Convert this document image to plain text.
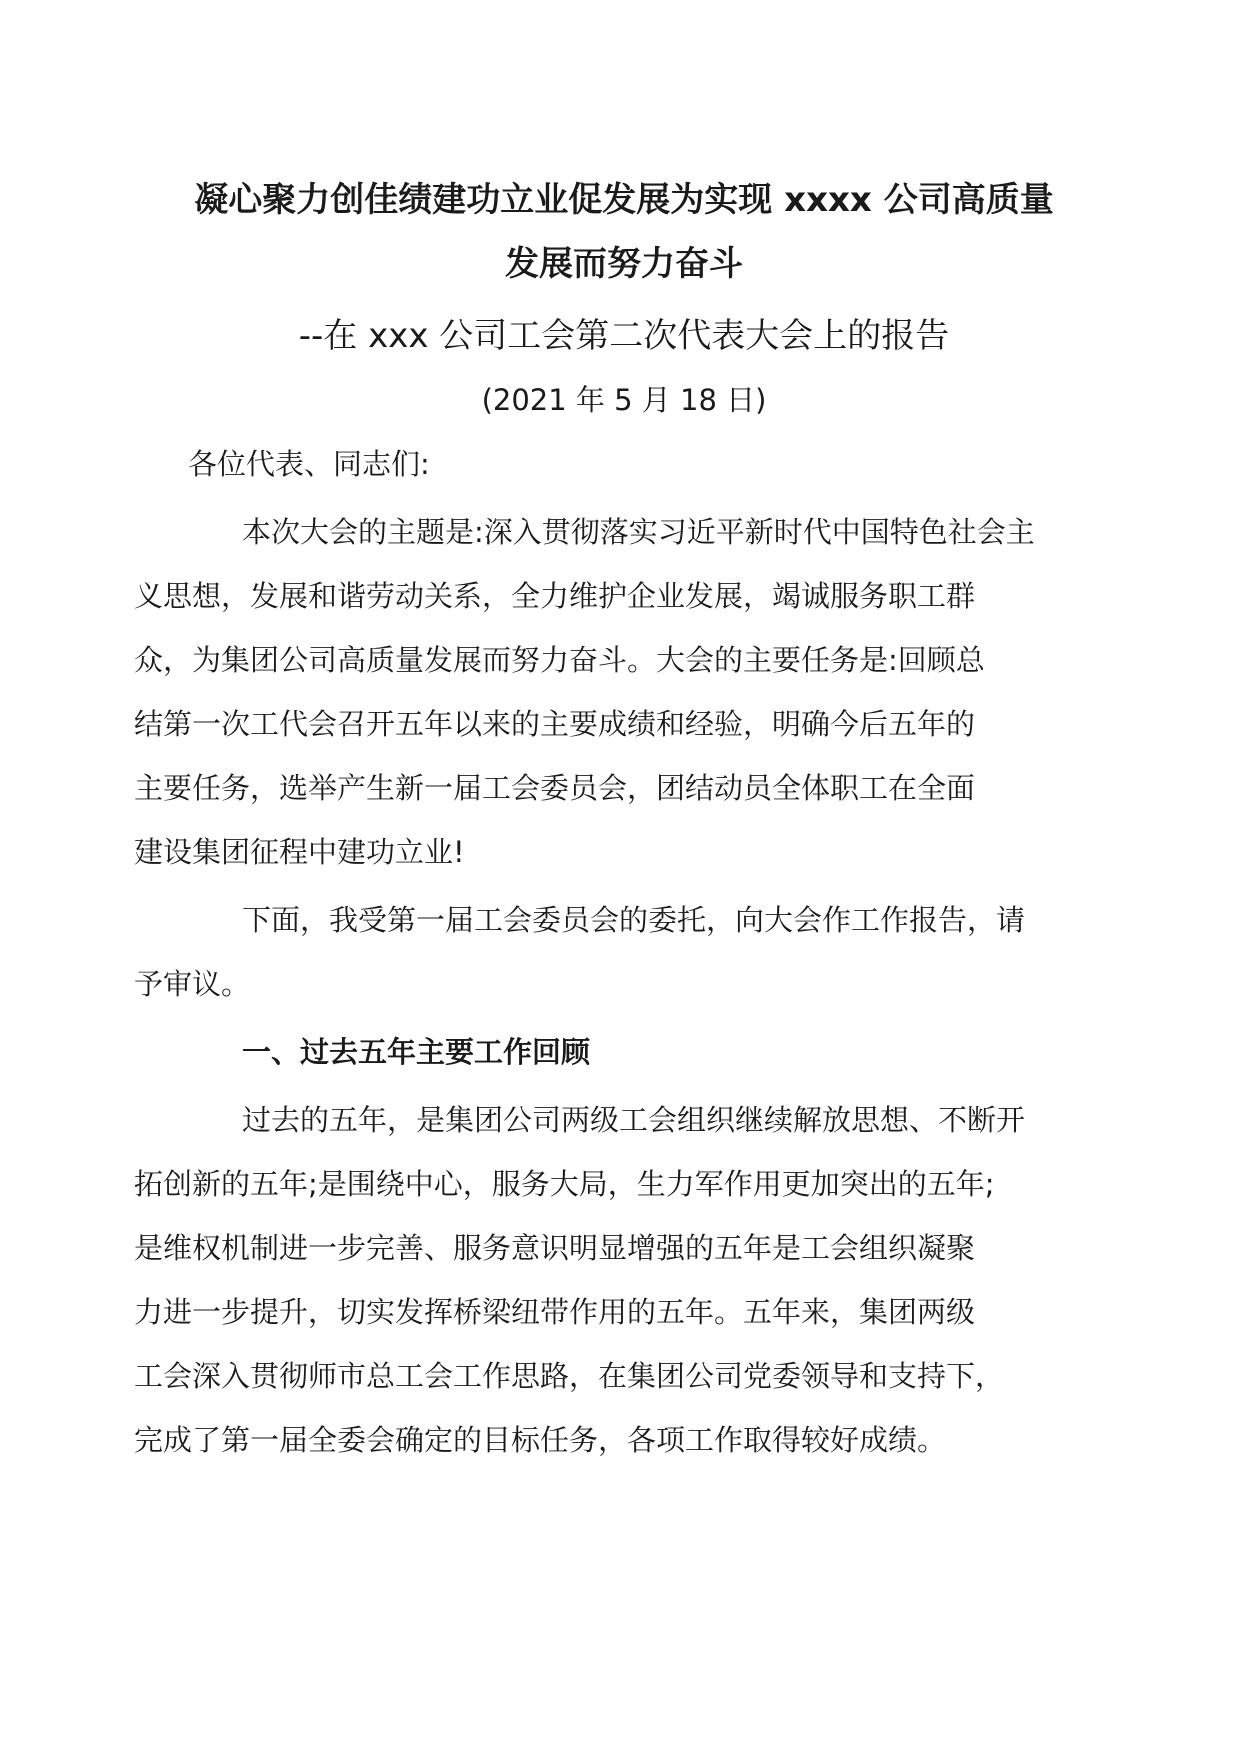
凝心聚力创佳绩建功立业促发展为实现 xxxx 公司高质量
发展而努力奋斗
--在 xxx 公司工会第二次代表大会上的报告

(2021 年 5 月 18 日)

各位代表、同志们:

本次大会的主题是:深入贯彻落实习近平新时代中国特色社会主
义思想，发展和谐劳动关系，全力维护企业发展，竭诚服务职工群
众，为集团公司高质量发展而努力奋斗。大会的主要任务是:回顾总
结第一次工代会召开五年以来的主要成绩和经验，明确今后五年的
主要任务，选举产生新一届工会委员会，团结动员全体职工在全面
建设集团征程中建功立业!

下面，我受第一届工会委员会的委托，向大会作工作报告，请
予审议。

一、过去五年主要工作回顾

过去的五年，是集团公司两级工会组织继续解放思想、不断开
拓创新的五年;是围绕中心，服务大局，生力军作用更加突出的五年;
是维权机制进一步完善、服务意识明显增强的五年是工会组织凝聚
力进一步提升，切实发挥桥梁纽带作用的五年。五年来，集团两级
工会深入贯彻师市总工会工作思路，在集团公司党委领导和支持下，
完成了第一届全委会确定的目标任务，各项工作取得较好成绩。
